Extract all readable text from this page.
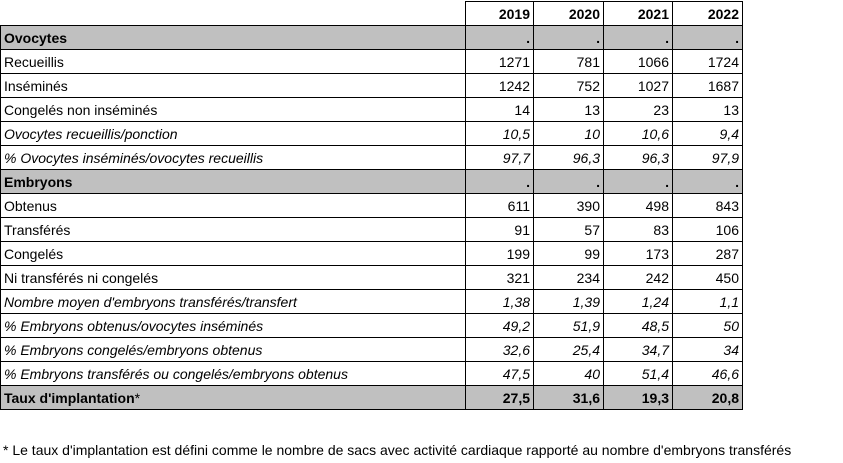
	2019	2020	2021	2022
Ovocytes	.	.	.	.
Recueillis	1271	781	1066	1724
Inséminés	1242	752	1027	1687
Congelés non inséminés	14	13	23	13
Ovocytes recueillis/ponction	10,5	10	10,6	9,4
% Ovocytes inséminés/ovocytes recueillis	97,7	96,3	96,3	97,9
Embryons	.	.	.	.
Obtenus	611	390	498	843
Transférés	91	57	83	106
Congelés	199	99	173	287
Ni transférés ni congelés	321	234	242	450
Nombre moyen d'embryons transférés/transfert	1,38	1,39	1,24	1,1
% Embryons obtenus/ovocytes inséminés	49,2	51,9	48,5	50
% Embryons congelés/embryons obtenus	32,6	25,4	34,7	34
% Embryons transférés ou congelés/embryons obtenus	47,5	40	51,4	46,6
Taux d'implantation*	27,5	31,6	19,3	20,8
* Le taux d'implantation est défini comme le nombre de sacs avec activité cardiaque rapporté au nombre d'embryons transférés
